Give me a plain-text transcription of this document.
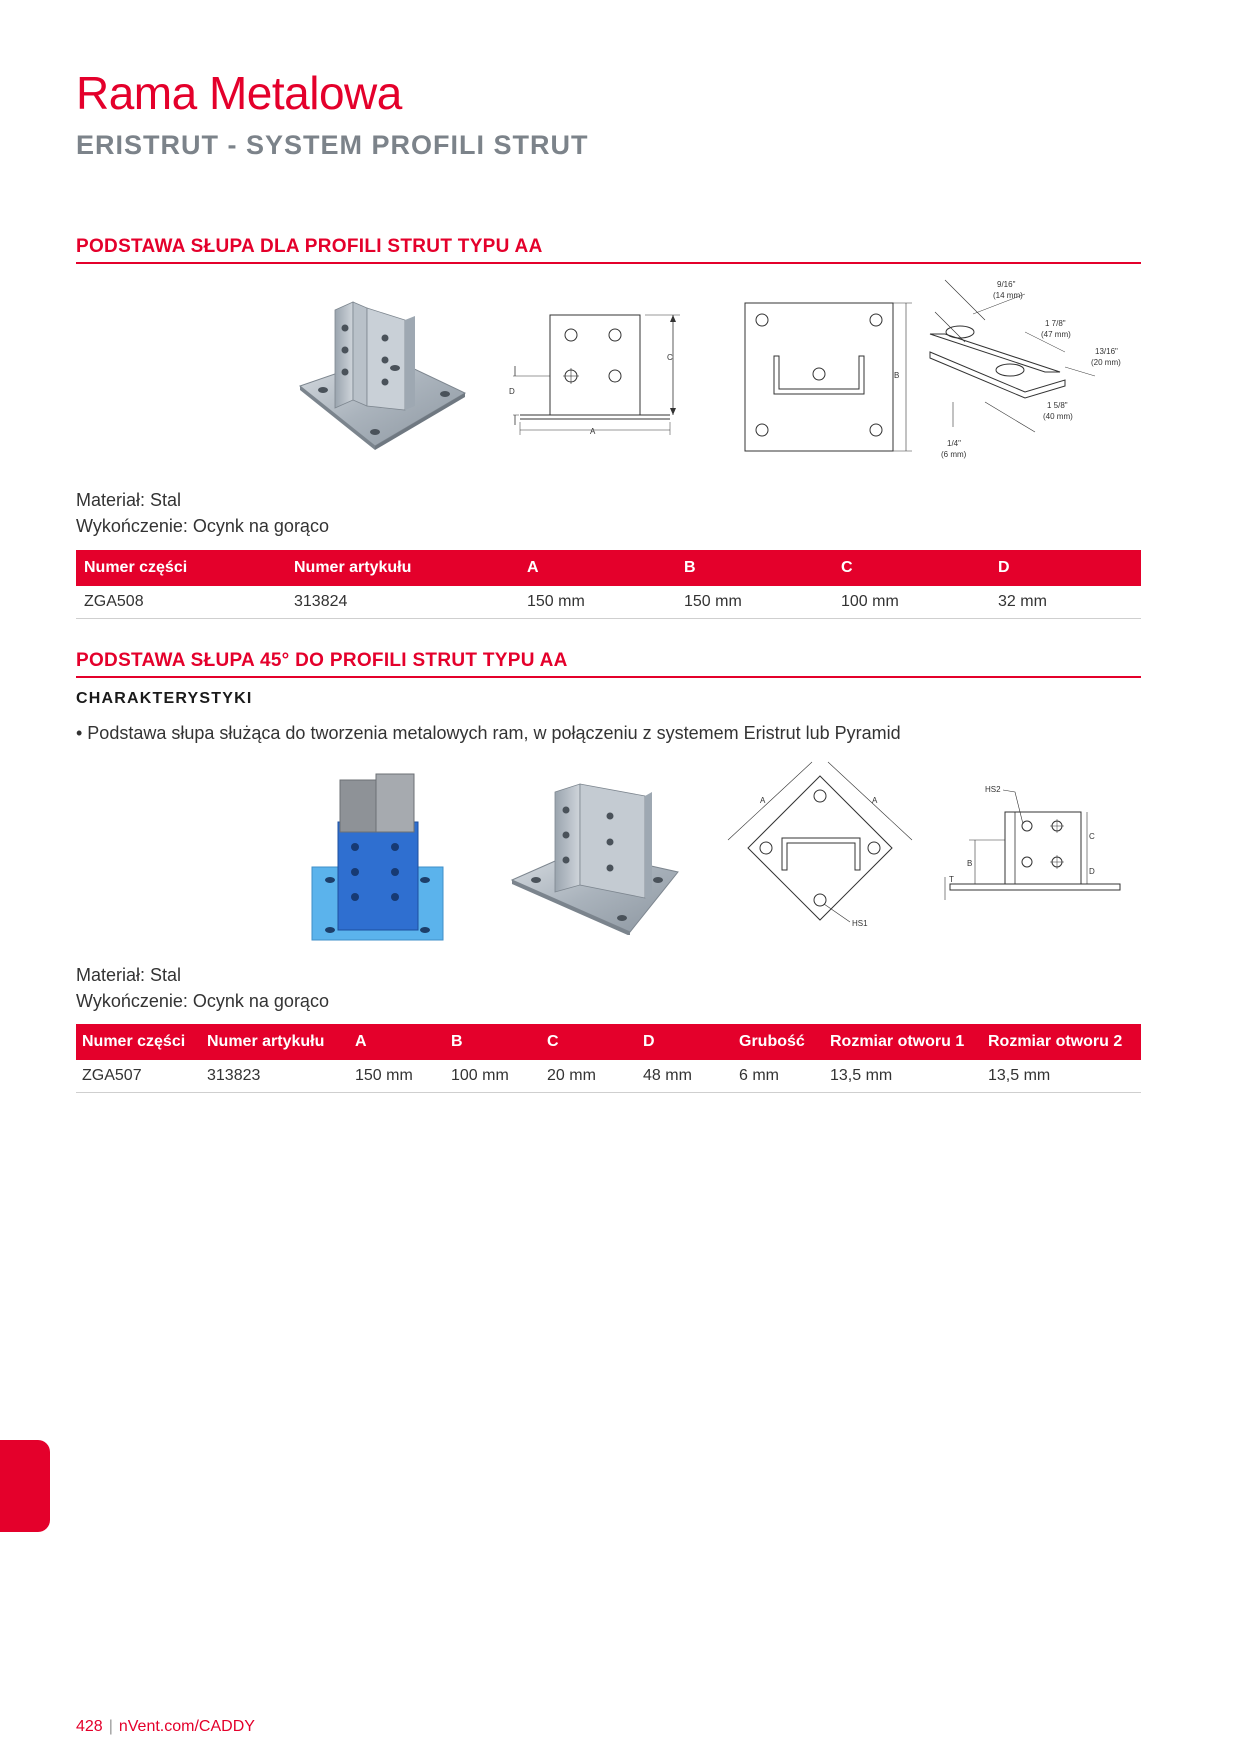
Rama Metalowa
ERISTRUT - SYSTEM PROFILI STRUT
PODSTAWA SŁUPA DLA PROFILI STRUT TYPU AA
C
D
A
B
9/16"
(14 mm)
1 7/8"
(47 mm)
13/16"
(20 mm)
1 5/8"
(40 mm)
1/4"
(6 mm)
Materiał: Stal
Wykończenie: Ocynk na gorąco
Numer części	Numer artykułu	A	B	C	D
ZGA508	313824	150 mm	150 mm	100 mm	32 mm
PODSTAWA SŁUPA 45° DO PROFILI STRUT TYPU AA
CHARAKTERYSTYKI
• Podstawa słupa służąca do tworzenia metalowych ram, w połączeniu z systemem Eristrut lub Pyramid
A	A
HS1
HS2
C
D
B
T
Materiał: Stal
Wykończenie: Ocynk na gorąco
Numer części	Numer artykułu	A	B	C	D	Grubość	Rozmiar otworu 1	Rozmiar otworu 2
ZGA507	313823	150 mm	100 mm	20 mm	48 mm	6 mm	13,5 mm	13,5 mm
428 | nVent.com/CADDY
